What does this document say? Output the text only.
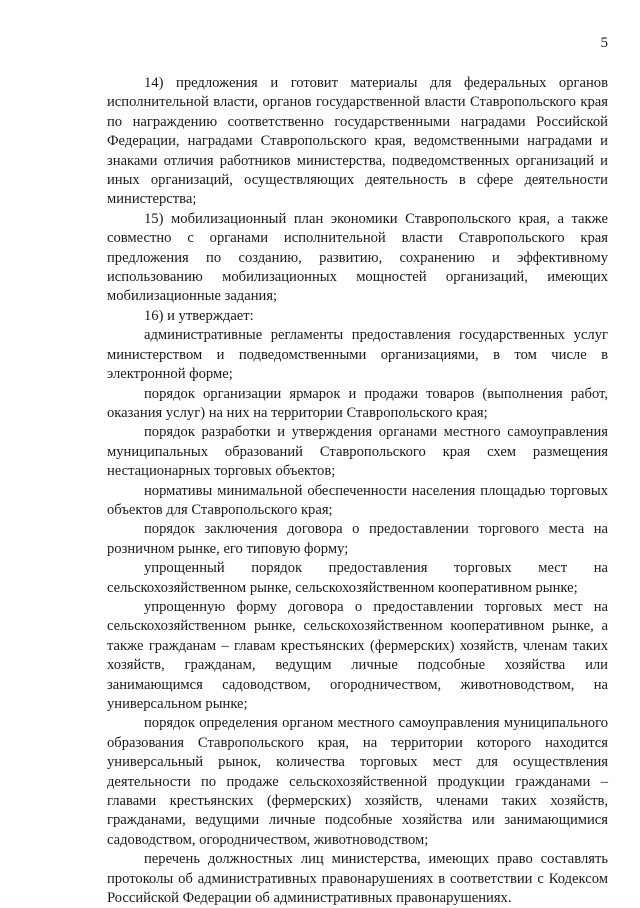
5

14) предложения и готовит материалы для федеральных органов исполнительной власти, органов государственной власти Ставропольского края по награждению соответственно государственными наградами Российской Федерации, наградами Ставропольского края, ведомственными наградами и знаками отличия работников министерства, подведомственных организаций и иных организаций, осуществляющих деятельность в сфере деятельности министерства;

15) мобилизационный план экономики Ставропольского края, а также совместно с органами исполнительной власти Ставропольского края предложения по созданию, развитию, сохранению и эффективному использованию мобилизационных мощностей организаций, имеющих мобилизационные задания;

16) и утверждает:

административные регламенты предоставления государственных услуг министерством и подведомственными организациями, в том числе в электронной форме;

порядок организации ярмарок и продажи товаров (выполнения работ, оказания услуг) на них на территории Ставропольского края;

порядок разработки и утверждения органами местного самоуправления муниципальных образований Ставропольского края схем размещения нестационарных торговых объектов;

нормативы минимальной обеспеченности населения площадью торговых объектов для Ставропольского края;

порядок заключения договора о предоставлении торгового места на розничном рынке, его типовую форму;

упрощенный порядок предоставления торговых мест на сельскохозяйственном рынке, сельскохозяйственном кооперативном рынке;

упрощенную форму договора о предоставлении торговых мест на сельскохозяйственном рынке, сельскохозяйственном кооперативном рынке, а также гражданам – главам крестьянских (фермерских) хозяйств, членам таких хозяйств, гражданам, ведущим личные подсобные хозяйства или занимающимся садоводством, огородничеством, животноводством, на универсальном рынке;

порядок определения органом местного самоуправления муниципального образования Ставропольского края, на территории которого находится универсальный рынок, количества торговых мест для осуществления деятельности по продаже сельскохозяйственной продукции гражданами – главами крестьянских (фермерских) хозяйств, членами таких хозяйств, гражданами, ведущими личные подсобные хозяйства или занимающимися садоводством, огородничеством, животноводством;

перечень должностных лиц министерства, имеющих право составлять протоколы об административных правонарушениях в соответствии с Кодексом Российской Федерации об административных правонарушениях.
